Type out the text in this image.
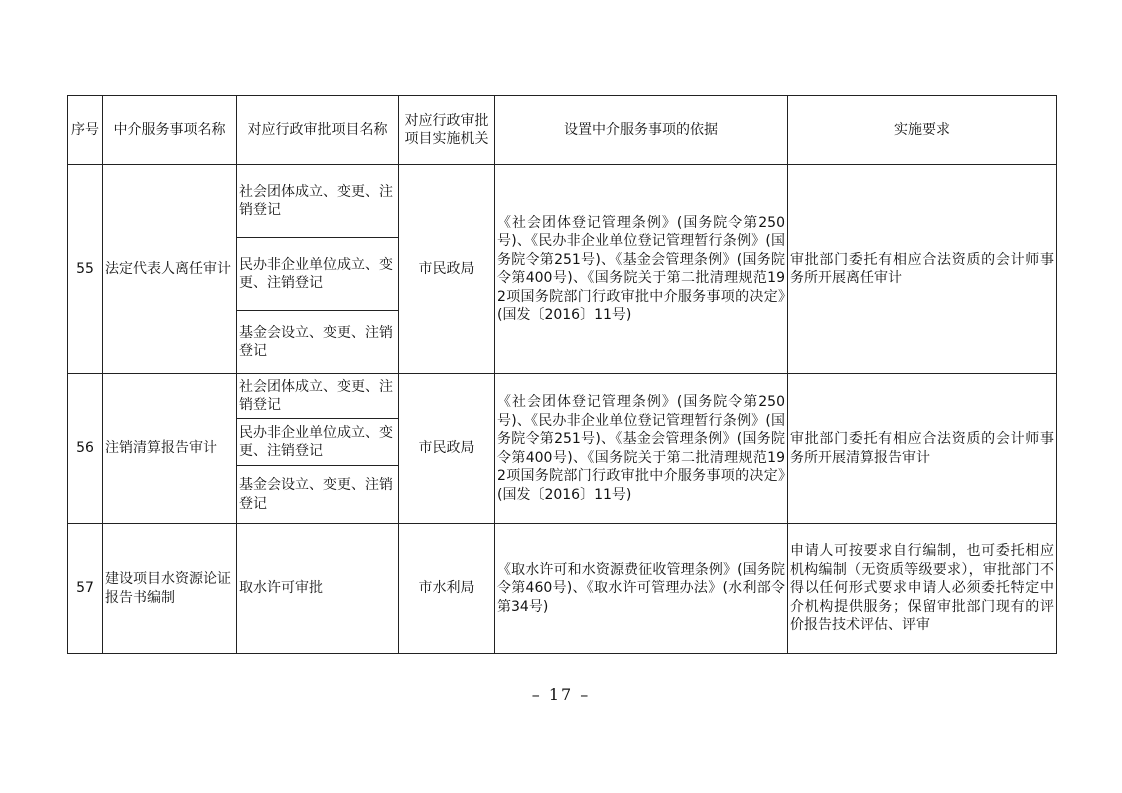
序号	中介服务事项名称	对应行政审批项目名称	对应行政审批项目实施机关	设置中介服务事项的依据	实施要求
55	法定代表人离任审计	社会团体成立、变更、注销登记	市民政局	《社会团体登记管理条例》(国务院令第250号)、《民办非企业单位登记管理暂行条例》(国务院令第251号)、《基金会管理条例》(国务院令第400号)、《国务院关于第二批清理规范192项国务院部门行政审批中介服务事项的决定》(国发〔2016〕11号)	审批部门委托有相应合法资质的会计师事务所开展离任审计
		民办非企业单位成立、变更、注销登记			
		基金会设立、变更、注销登记			
56	注销清算报告审计	社会团体成立、变更、注销登记	市民政局	《社会团体登记管理条例》(国务院令第250号)、《民办非企业单位登记管理暂行条例》(国务院令第251号)、《基金会管理条例》(国务院令第400号)、《国务院关于第二批清理规范192项国务院部门行政审批中介服务事项的决定》(国发〔2016〕11号)	审批部门委托有相应合法资质的会计师事务所开展清算报告审计
		民办非企业单位成立、变更、注销登记			
		基金会设立、变更、注销登记			
57	建设项目水资源论证报告书编制	取水许可审批	市水利局	《取水许可和水资源费征收管理条例》(国务院令第460号)、《取水许可管理办法》(水利部令第34号)	申请人可按要求自行编制，也可委托相应机构编制（无资质等级要求），审批部门不得以任何形式要求申请人必须委托特定中介机构提供服务；保留审批部门现有的评价报告技术评估、评审
– 17 –
